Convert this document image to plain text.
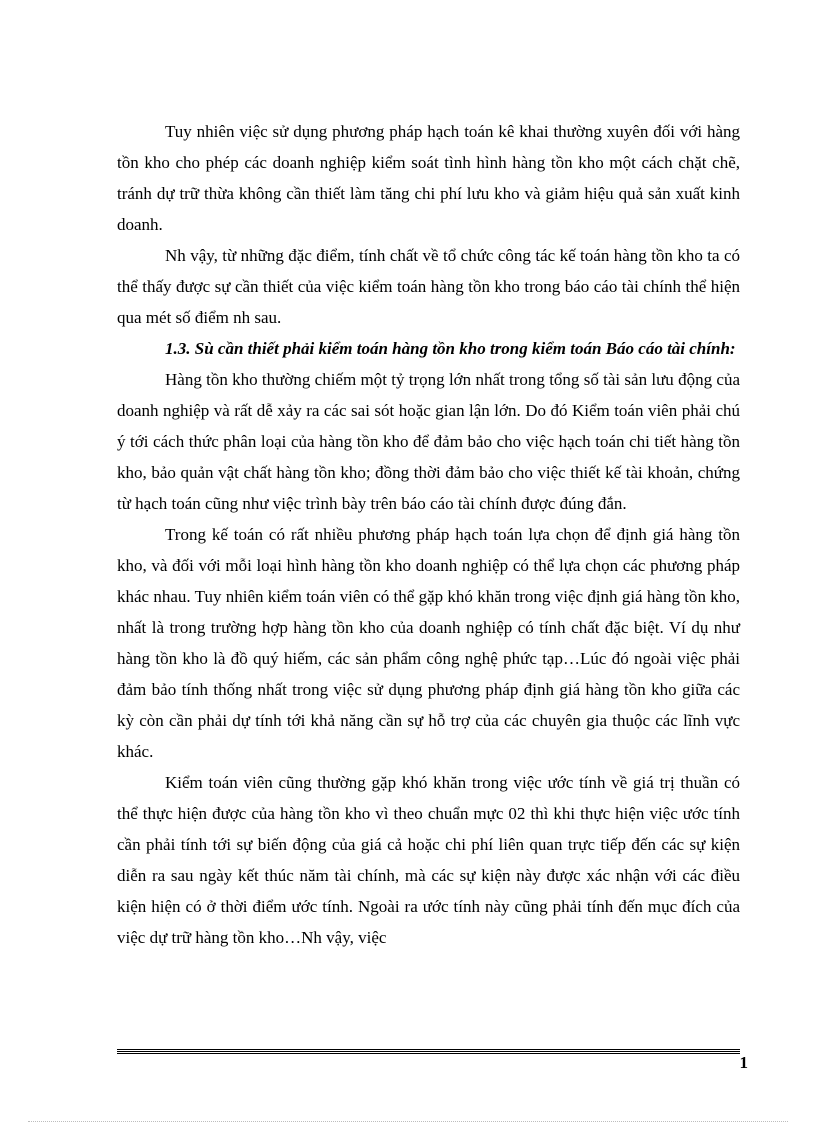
Tuy nhiên việc sử dụng phương pháp hạch toán kê khai thường xuyên đối với hàng tồn kho cho phép các doanh nghiệp kiểm soát tình hình hàng tồn kho một cách chặt chẽ, tránh dự trữ thừa không cần thiết làm tăng chi phí lưu kho và giảm hiệu quả sản xuất kinh doanh.

Nh vậy, từ những đặc điểm, tính chất về tổ chức công tác kế toán hàng tồn kho ta có thể thấy được sự cần thiết của việc kiểm toán hàng tồn kho trong báo cáo tài chính thể hiện qua mét số điểm nh sau.

1.3. Sù cần thiết phải kiểm toán hàng tồn kho trong kiểm toán Báo cáo tài chính:

Hàng tồn kho thường chiếm một tỷ trọng lớn nhất trong tổng số tài sản lưu động của doanh nghiệp và rất dễ xảy ra các sai sót hoặc gian lận lớn. Do đó Kiểm toán viên phải chú ý tới cách thức phân loại của hàng tồn kho để đảm bảo cho việc hạch toán chi tiết hàng tồn kho, bảo quản vật chất hàng tồn kho; đồng thời đảm bảo cho việc thiết kế tài khoản, chứng từ hạch toán cũng như việc trình bày trên báo cáo tài chính được đúng đắn.

Trong kế toán có rất nhiều phương pháp hạch toán lựa chọn để định giá hàng tồn kho, và đối với mỗi loại hình hàng tồn kho doanh nghiệp có thể lựa chọn các phương pháp khác nhau. Tuy nhiên kiểm toán viên có thể gặp khó khăn trong việc định giá hàng tồn kho, nhất là trong trường hợp hàng tồn kho của doanh nghiệp có tính chất đặc biệt. Ví dụ như hàng tồn kho là đồ quý hiếm, các sản phẩm công nghệ phức tạp…Lúc đó ngoài việc phải đảm bảo tính thống nhất trong việc sử dụng phương pháp định giá hàng tồn kho giữa các kỳ còn cần phải dự tính tới khả năng cần sự hỗ trợ của các chuyên gia thuộc các lĩnh vực khác.

Kiểm toán viên cũng thường gặp khó khăn trong việc ước tính về giá trị thuần có thể thực hiện được của hàng tồn kho vì theo chuẩn mực 02 thì khi thực hiện việc ước tính cần phải tính tới sự biến động của giá cả hoặc chi phí liên quan trực tiếp đến các sự kiện diễn ra sau ngày kết thúc năm tài chính, mà các sự kiện này được xác nhận với các điều kiện hiện có ở thời điểm ước tính. Ngoài ra ước tính này cũng phải tính đến mục đích của việc dự trữ hàng tồn kho…Nh vậy, việc

1
